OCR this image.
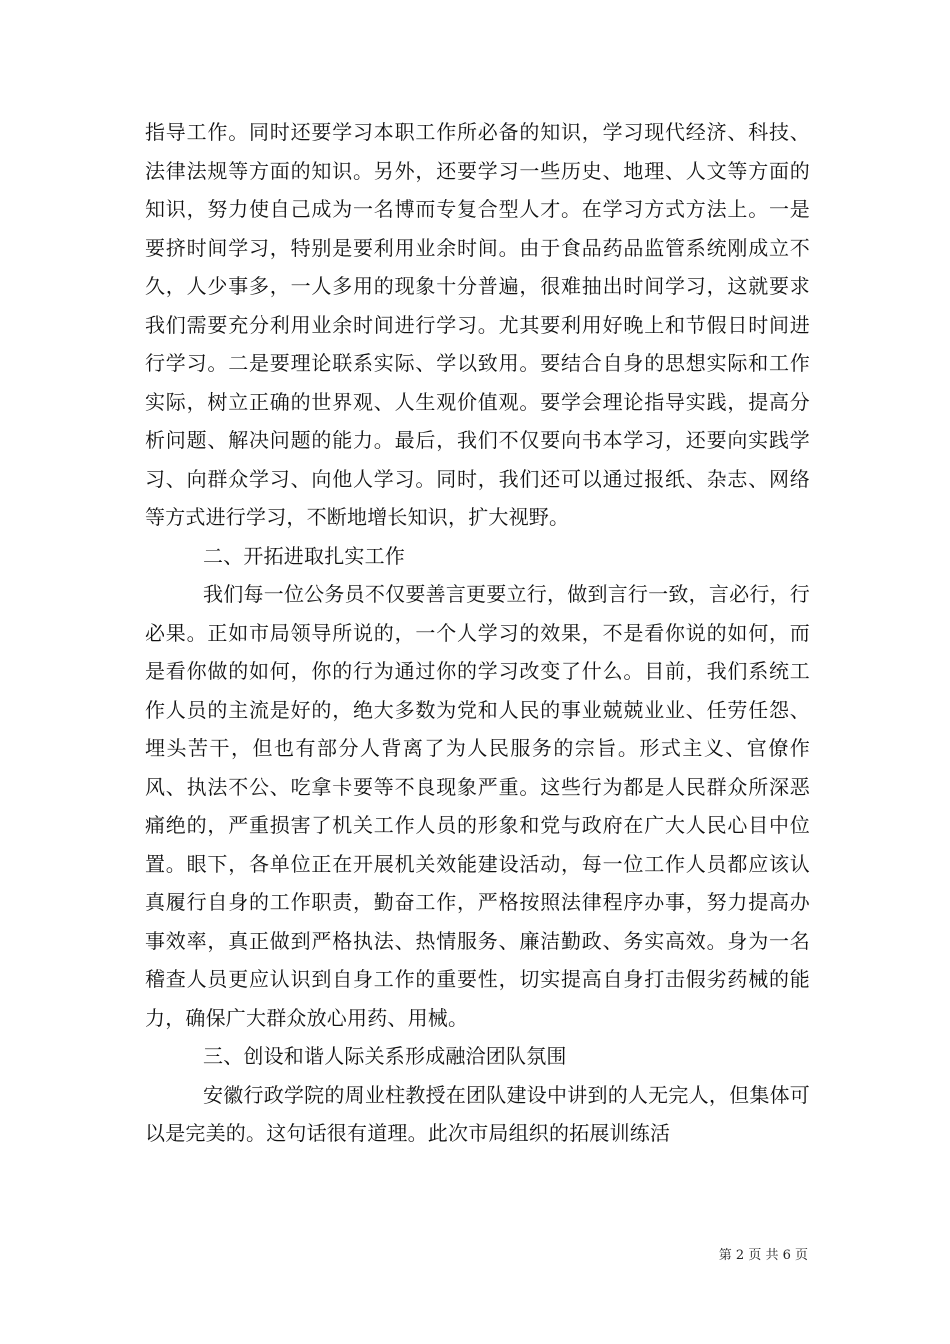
指导工作。同时还要学习本职工作所必备的知识，学习现代经济、科技、法律法规等方面的知识。另外，还要学习一些历史、地理、人文等方面的知识，努力使自己成为一名博而专复合型人才。在学习方式方法上。一是要挤时间学习，特别是要利用业余时间。由于食品药品监管系统刚成立不久，人少事多，一人多用的现象十分普遍，很难抽出时间学习，这就要求我们需要充分利用业余时间进行学习。尤其要利用好晚上和节假日时间进行学习。二是要理论联系实际、学以致用。要结合自身的思想实际和工作实际，树立正确的世界观、人生观价值观。要学会理论指导实践，提高分析问题、解决问题的能力。最后，我们不仅要向书本学习，还要向实践学习、向群众学习、向他人学习。同时，我们还可以通过报纸、杂志、网络等方式进行学习，不断地增长知识，扩大视野。

二、开拓进取扎实工作

我们每一位公务员不仅要善言更要立行，做到言行一致，言必行，行必果。正如市局领导所说的，一个人学习的效果，不是看你说的如何，而是看你做的如何，你的行为通过你的学习改变了什么。目前，我们系统工作人员的主流是好的，绝大多数为党和人民的事业兢兢业业、任劳任怨、埋头苦干，但也有部分人背离了为人民服务的宗旨。形式主义、官僚作风、执法不公、吃拿卡要等不良现象严重。这些行为都是人民群众所深恶痛绝的，严重损害了机关工作人员的形象和党与政府在广大人民心目中位置。眼下，各单位正在开展机关效能建设活动，每一位工作人员都应该认真履行自身的工作职责，勤奋工作，严格按照法律程序办事，努力提高办事效率，真正做到严格执法、热情服务、廉洁勤政、务实高效。身为一名稽查人员更应认识到自身工作的重要性，切实提高自身打击假劣药械的能力，确保广大群众放心用药、用械。

三、创设和谐人际关系形成融洽团队氛围

安徽行政学院的周业柱教授在团队建设中讲到的人无完人，但集体可以是完美的。这句话很有道理。此次市局组织的拓展训练活

第 2 页 共 6 页
